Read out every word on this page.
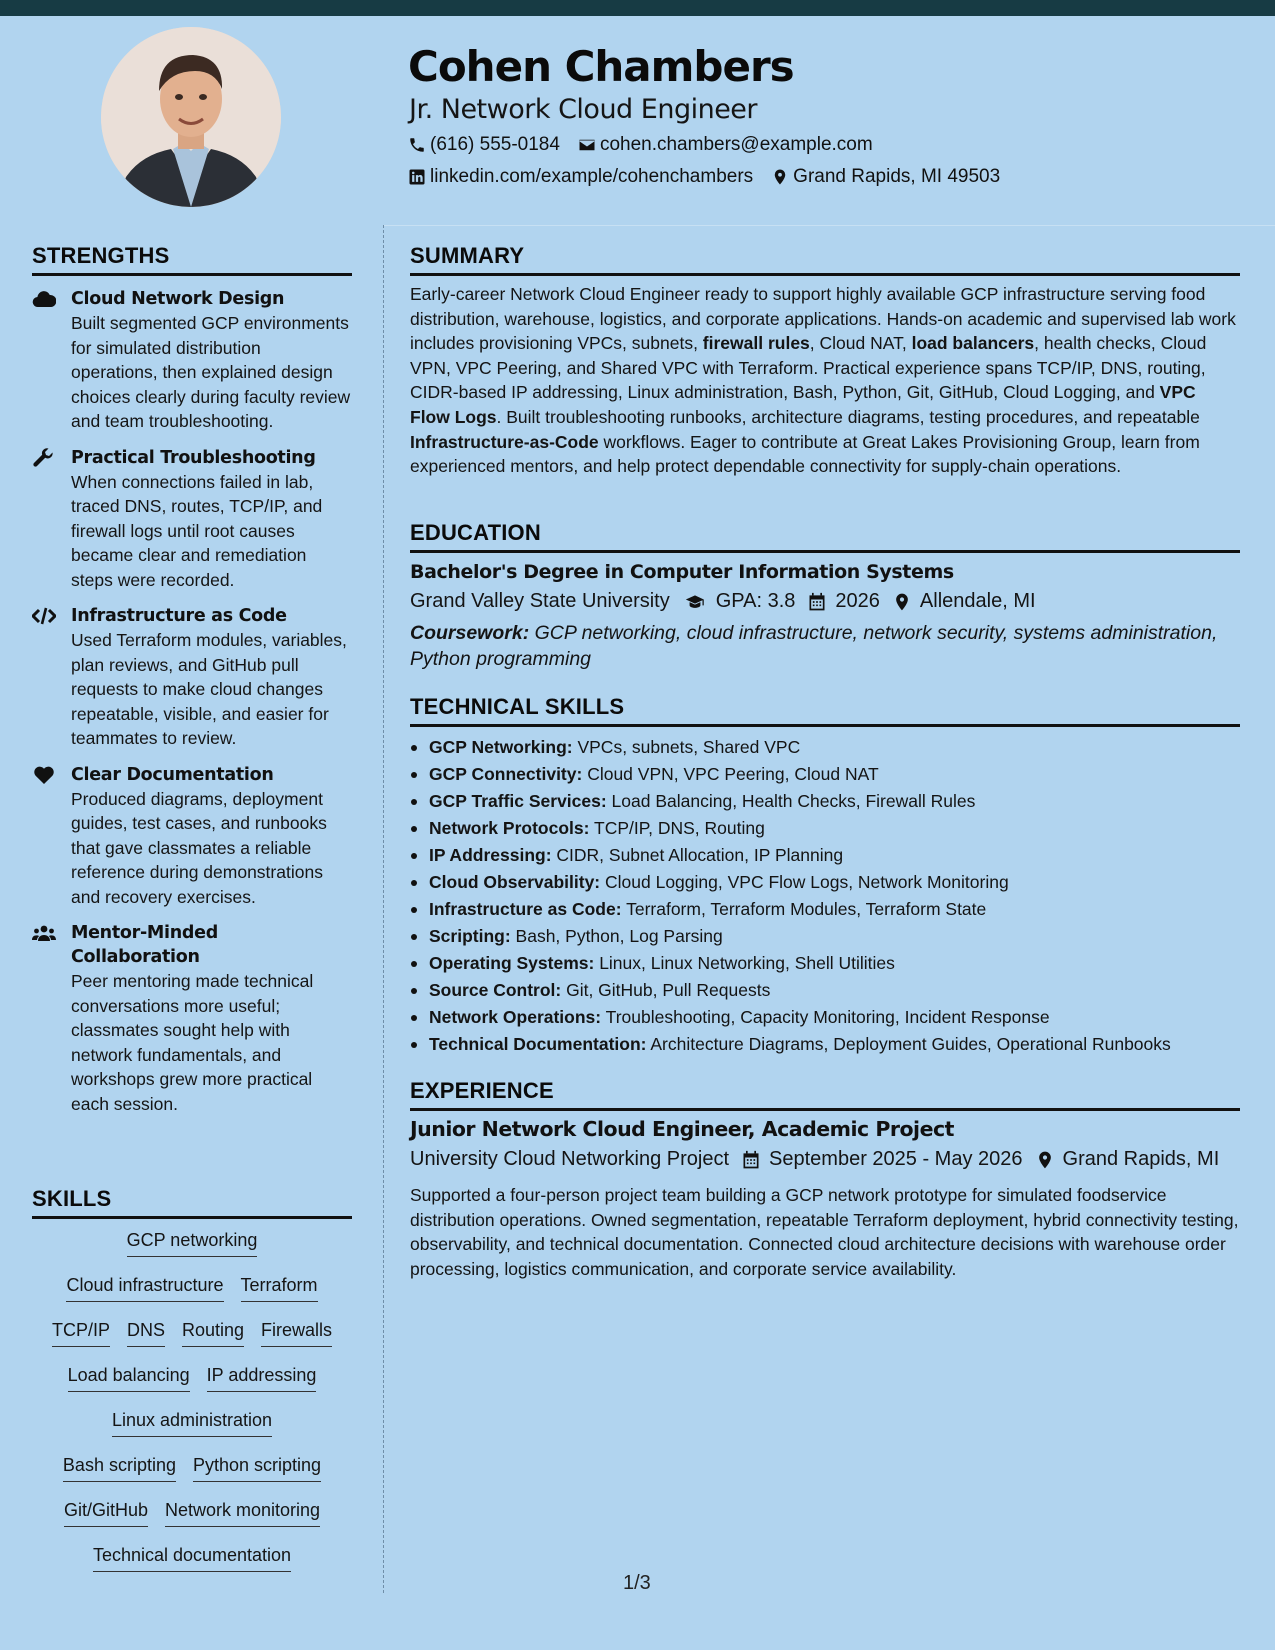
Cohen Chambers
Jr. Network Cloud Engineer
(616) 555-0184 cohen.chambers@example.com
linkedin.com/example/cohenchambers Grand Rapids, MI 49503
STRENGTHS
Cloud Network Design
Built segmented GCP environments for simulated distribution operations, then explained design choices clearly during faculty review and team troubleshooting.
Practical Troubleshooting
When connections failed in lab, traced DNS, routes, TCP/IP, and firewall logs until root causes became clear and remediation steps were recorded.
Infrastructure as Code
Used Terraform modules, variables, plan reviews, and GitHub pull requests to make cloud changes repeatable, visible, and easier for teammates to review.
Clear Documentation
Produced diagrams, deployment guides, test cases, and runbooks that gave classmates a reliable reference during demonstrations and recovery exercises.
Mentor-Minded Collaboration
Peer mentoring made technical conversations more useful; classmates sought help with network fundamentals, and workshops grew more practical each session.
SKILLS
GCP networking
Cloud infrastructure Terraform
TCP/IP DNS Routing Firewalls
Load balancing IP addressing
Linux administration
Bash scripting Python scripting
Git/GitHub Network monitoring
Technical documentation
SUMMARY

Early-career Network Cloud Engineer ready to support highly available GCP infrastructure serving food distribution, warehouse, logistics, and corporate applications. Hands-on academic and supervised lab work includes provisioning VPCs, subnets, firewall rules, Cloud NAT, load balancers, health checks, Cloud VPN, VPC Peering, and Shared VPC with Terraform. Practical experience spans TCP/IP, DNS, routing, CIDR-based IP addressing, Linux administration, Bash, Python, Git, GitHub, Cloud Logging, and VPC Flow Logs. Built troubleshooting runbooks, architecture diagrams, testing procedures, and repeatable Infrastructure-as-Code workflows. Eager to contribute at Great Lakes Provisioning Group, learn from experienced mentors, and help protect dependable connectivity for supply-chain operations.

EDUCATION
Bachelor's Degree in Computer Information Systems
Grand Valley State University GPA: 3.8 2026 Allendale, MI

Coursework: GCP networking, cloud infrastructure, network security, systems administration, Python programming

TECHNICAL SKILLS
GCP Networking: VPCs, subnets, Shared VPC
GCP Connectivity: Cloud VPN, VPC Peering, Cloud NAT
GCP Traffic Services: Load Balancing, Health Checks, Firewall Rules
Network Protocols: TCP/IP, DNS, Routing
IP Addressing: CIDR, Subnet Allocation, IP Planning
Cloud Observability: Cloud Logging, VPC Flow Logs, Network Monitoring
Infrastructure as Code: Terraform, Terraform Modules, Terraform State
Scripting: Bash, Python, Log Parsing
Operating Systems: Linux, Linux Networking, Shell Utilities
Source Control: Git, GitHub, Pull Requests
Network Operations: Troubleshooting, Capacity Monitoring, Incident Response
Technical Documentation: Architecture Diagrams, Deployment Guides, Operational Runbooks
EXPERIENCE
Junior Network Cloud Engineer, Academic Project
University Cloud Networking Project September 2025 - May 2026 Grand Rapids, MI

Supported a four-person project team building a GCP network prototype for simulated foodservice distribution operations. Owned segmentation, repeatable Terraform deployment, hybrid connectivity testing, observability, and technical documentation. Connected cloud architecture decisions with warehouse order processing, logistics communication, and corporate service availability.

1/3
